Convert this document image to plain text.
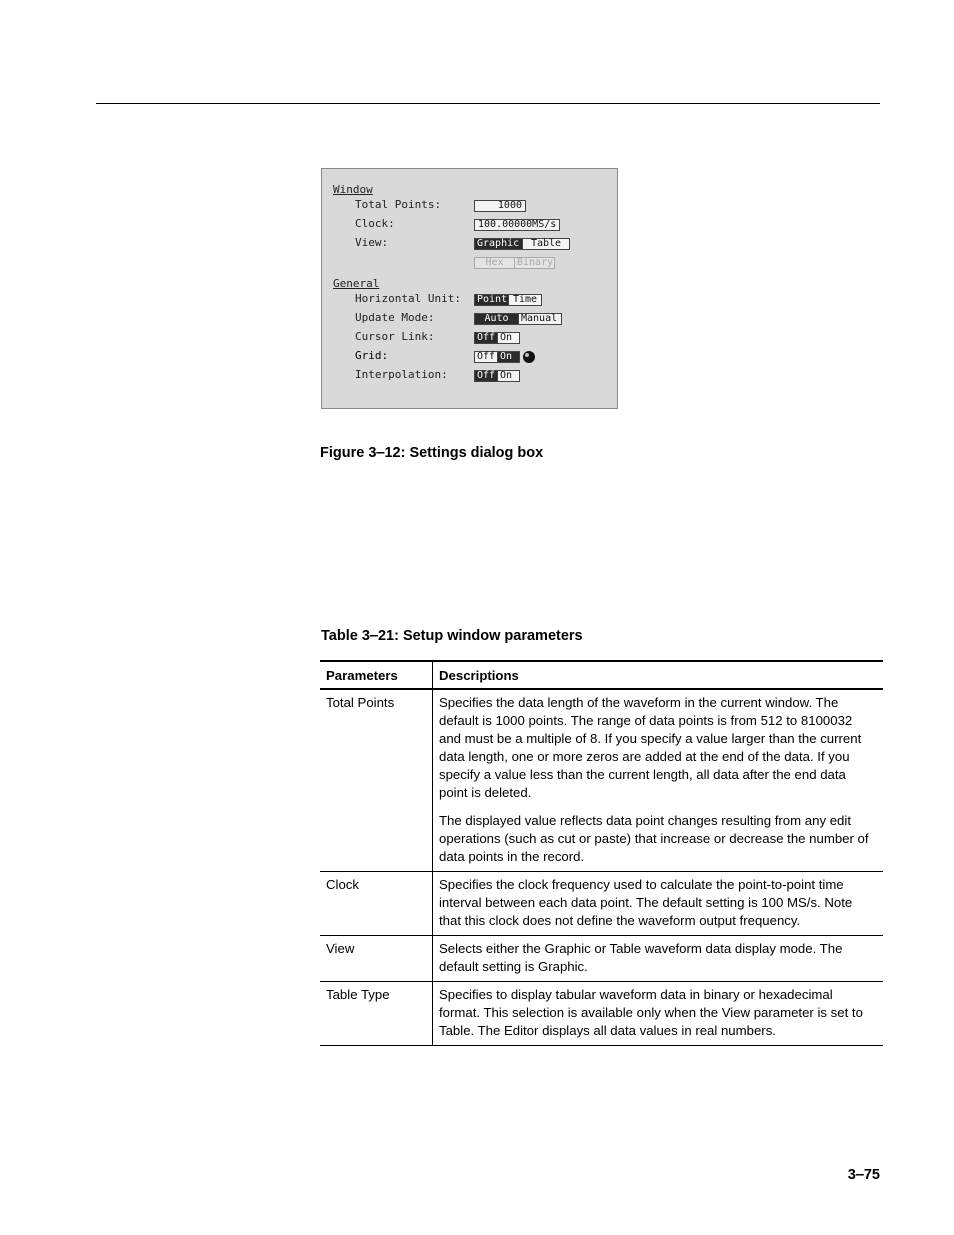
Window
Total Points:	1000
Clock:	100.00000MS/s
View:	Graphic	Table
Hex	Binary
General
Horizontal Unit:	Point Time
Update Mode:	Auto	Manual
Cursor Link:	Off On
Grid:	Off On
Interpolation:	Off On
Figure 3‒12: Settings dialog box
Table 3‒21: Setup window parameters
Parameters	Descriptions
Total Points	Specifies the data length of the waveform in the current window. The default is 1000 points. The range of data points is from 512 to 8100032 and must be a multiple of 8. If you specify a value larger than the current data length, one or more zeros are added at the end of the data. If you specify a value less than the current length, all data after the end data point is deleted.

The displayed value reflects data point changes resulting from any edit operations (such as cut or paste) that increase or decrease the number of data points in the record.

Clock	Specifies the clock frequency used to calculate the point-to-point time interval between each data point. The default setting is 100 MS/s. Note that this clock does not define the waveform output frequency.

View	Selects either the Graphic or Table waveform data display mode. The default setting is Graphic.

Table Type	Specifies to display tabular waveform data in binary or hexadecimal format. This selection is available only when the View parameter is set to Table. The Editor displays all data values in real numbers.

3‒75
